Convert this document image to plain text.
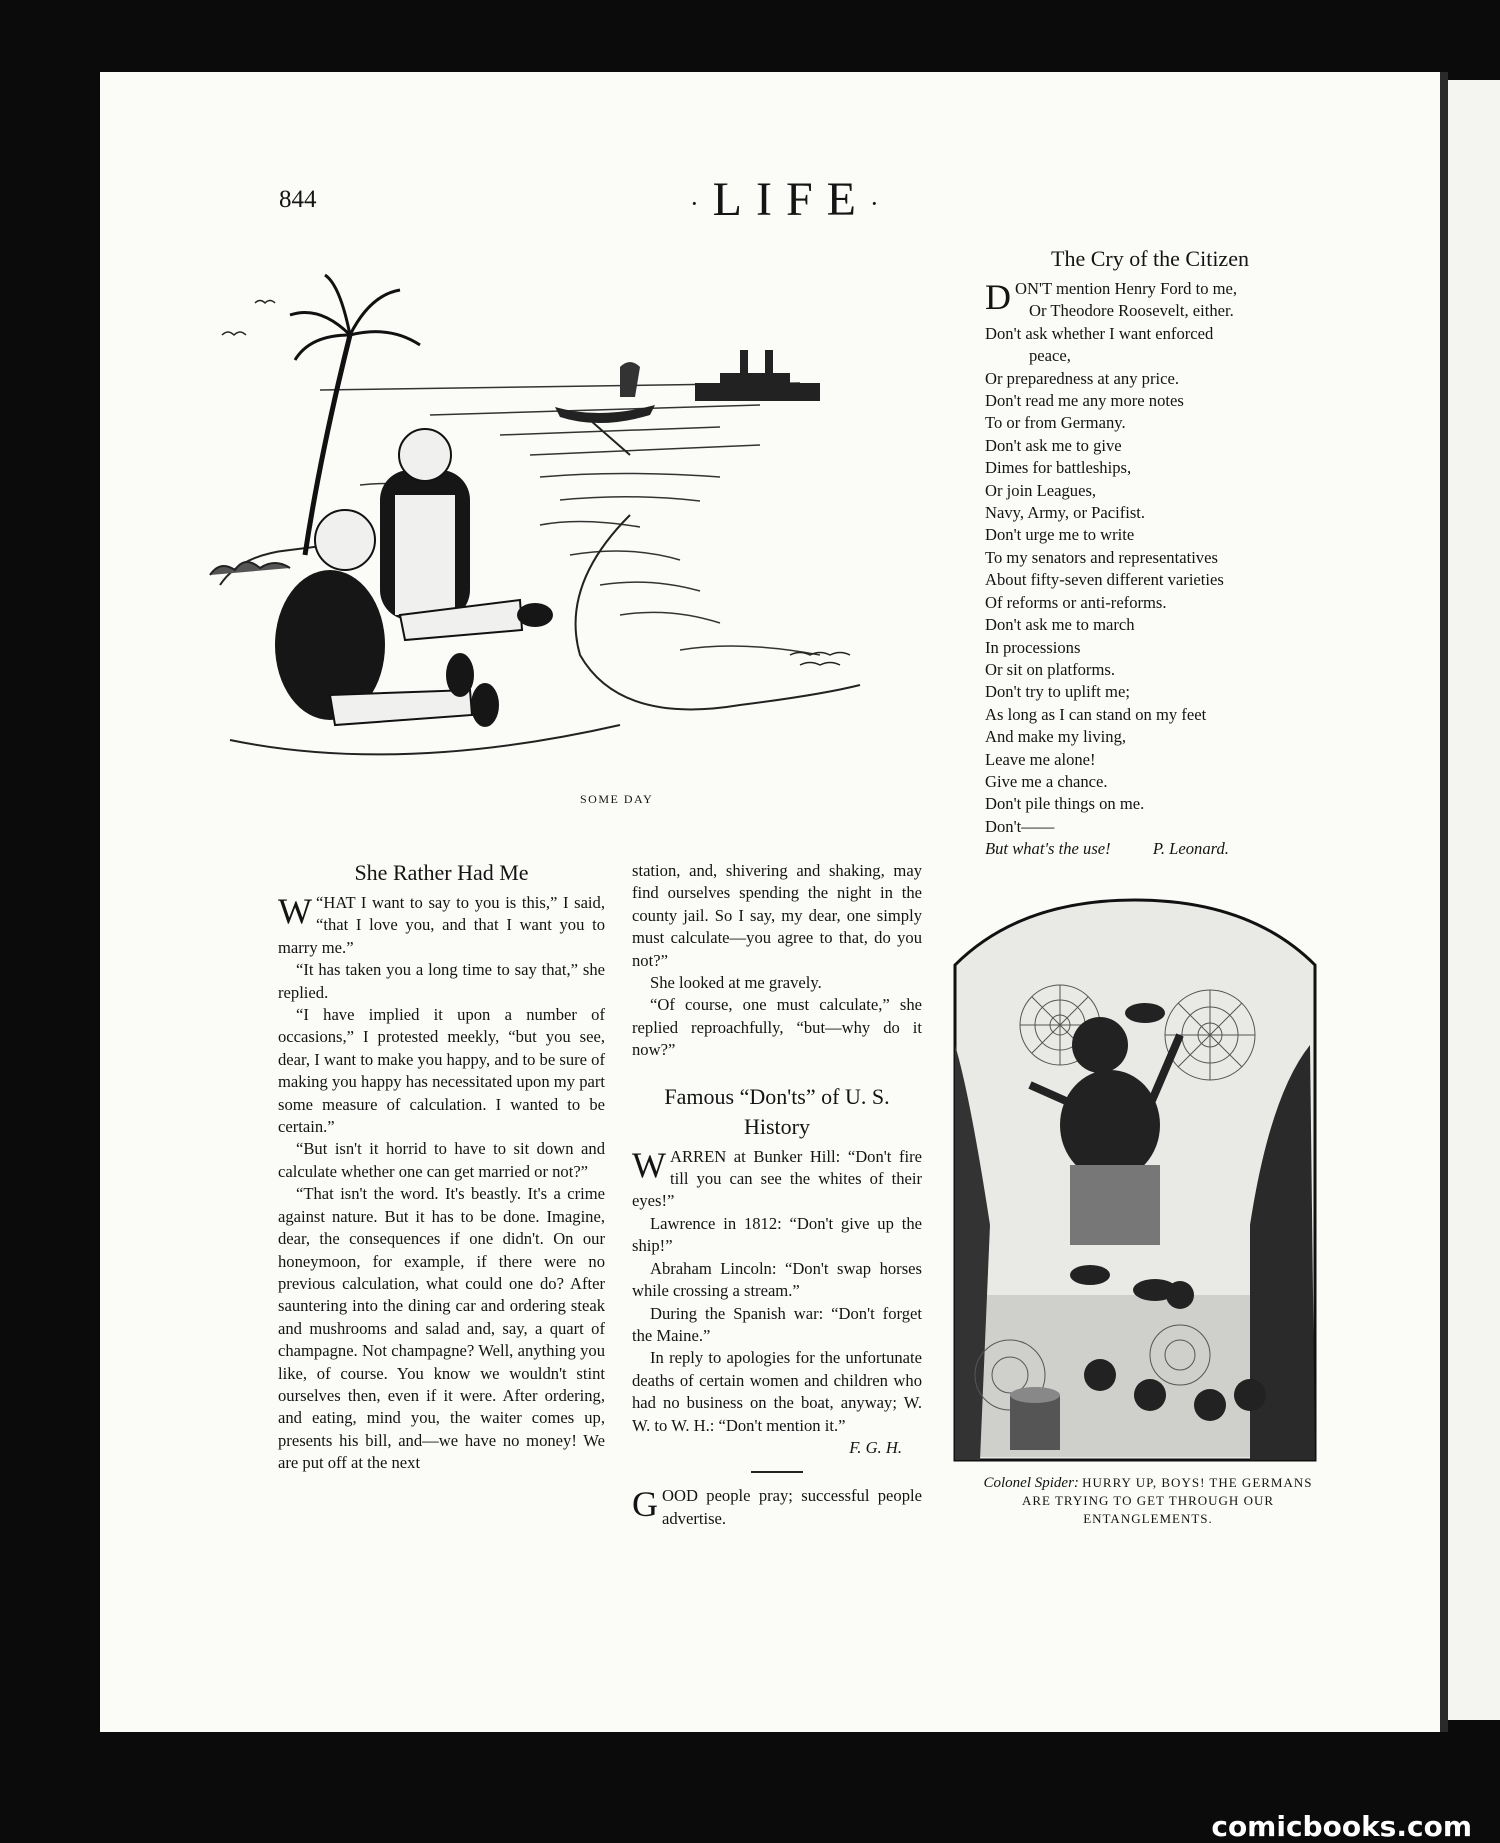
844	·LIFE·
SOME DAY
The Cry of the Citizen
D ON'T mention Henry Ford to me,
Or Theodore Roosevelt, either.
Don't ask whether I want enforced
peace,
Or preparedness at any price.
Don't read me any more notes
To or from Germany.
Don't ask me to give
Dimes for battleships,
Or join Leagues,
Navy, Army, or Pacifist.
Don't urge me to write
To my senators and representatives
About fifty-seven different varieties
Of reforms or anti-reforms.
Don't ask me to march
In processions
Or sit on platforms.
Don't try to uplift me;
As long as I can stand on my feet
And make my living,
Leave me alone!
Give me a chance.
Don't pile things on me.
Don't——
But what's the use!	P. Leonard.
Colonel Spider: HURRY UP, BOYS! THE GERMANS ARE TRYING TO GET THROUGH OUR ENTANGLEMENTS.
She Rather Had Me
W “HAT I want to say to you is this,” I said, “that I love you, and that I want you to marry me.”

“It has taken you a long time to say that,” she replied.

“I have implied it upon a number of occasions,” I protested meekly, “but you see, dear, I want to make you happy, and to be sure of making you happy has necessitated upon my part some measure of calculation. I wanted to be certain.”

“But isn't it horrid to have to sit down and calculate whether one can get married or not?”

“That isn't the word. It's beastly. It's a crime against nature. But it has to be done. Imagine, dear, the consequences if one didn't. On our honeymoon, for example, if there were no previous calculation, what could one do? After sauntering into the dining car and ordering steak and mushrooms and salad and, say, a quart of champagne. Not champagne? Well, anything you like, of course. You know we wouldn't stint ourselves then, even if it were. After ordering, and eating, mind you, the waiter comes up, presents his bill, and—we have no money! We are put off at the next

station, and, shivering and shaking, may find ourselves spending the night in the county jail. So I say, my dear, one simply must calculate—you agree to that, do you not?”

She looked at me gravely.

“Of course, one must calculate,” she replied reproachfully, “but—why do it now?”

Famous “Don'ts” of U. S. History
W ARREN at Bunker Hill: “Don't fire till you can see the whites of their eyes!”

Lawrence in 1812: “Don't give up the ship!”

Abraham Lincoln: “Don't swap horses while crossing a stream.”

During the Spanish war: “Don't forget the Maine.”

In reply to apologies for the unfortunate deaths of certain women and children who had no business on the boat, anyway; W. W. to W. H.: “Don't mention it.”

F. G. H.

G OOD people pray; successful people advertise.

comicbooks.com
